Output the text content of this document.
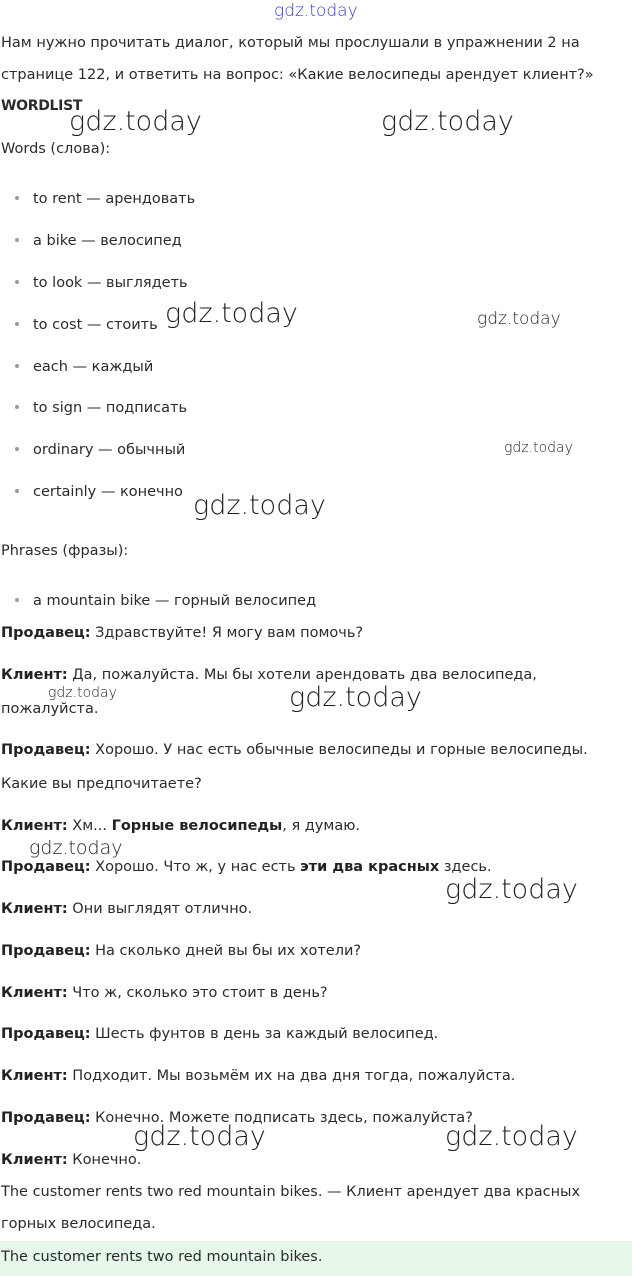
gdz.today
Нам нужно прочитать диалог, который мы прослушали в упражнении 2 на
странице 122, и ответить на вопрос: «Какие велосипеды арендует клиент?»
WORDLIST
Words (слова):
to rent — арендовать
a bike — велосипед
to look — выглядеть
to cost — стоить
each — каждый
to sign — подписать
ordinary — обычный
certainly — конечно
Phrases (фразы):
a mountain bike — горный велосипед
Продавец: Здравствуйте! Я могу вам помочь?
Клиент: Да, пожалуйста. Мы бы хотели арендовать два велосипеда,
пожалуйста.
Продавец: Хорошо. У нас есть обычные велосипеды и горные велосипеды.
Какие вы предпочитаете?
Клиент: Хм... Горные велосипеды, я думаю.
Продавец: Хорошо. Что ж, у нас есть эти два красных здесь.
Клиент: Они выглядят отлично.
Продавец: На сколько дней вы бы их хотели?
Клиент: Что ж, сколько это стоит в день?
Продавец: Шесть фунтов в день за каждый велосипед.
Клиент: Подходит. Мы возьмём их на два дня тогда, пожалуйста.
Продавец: Конечно. Можете подписать здесь, пожалуйста?
Клиент: Конечно.
The customer rents two red mountain bikes. — Клиент арендует два красных
горных велосипеда.
The customer rents two red mountain bikes.
gdz.today	gdz.today
gdz.today	gdz.today
gdz.today
gdz.today
gdz.today	gdz.today
gdz.today
gdz.today
gdz.today	gdz.today
